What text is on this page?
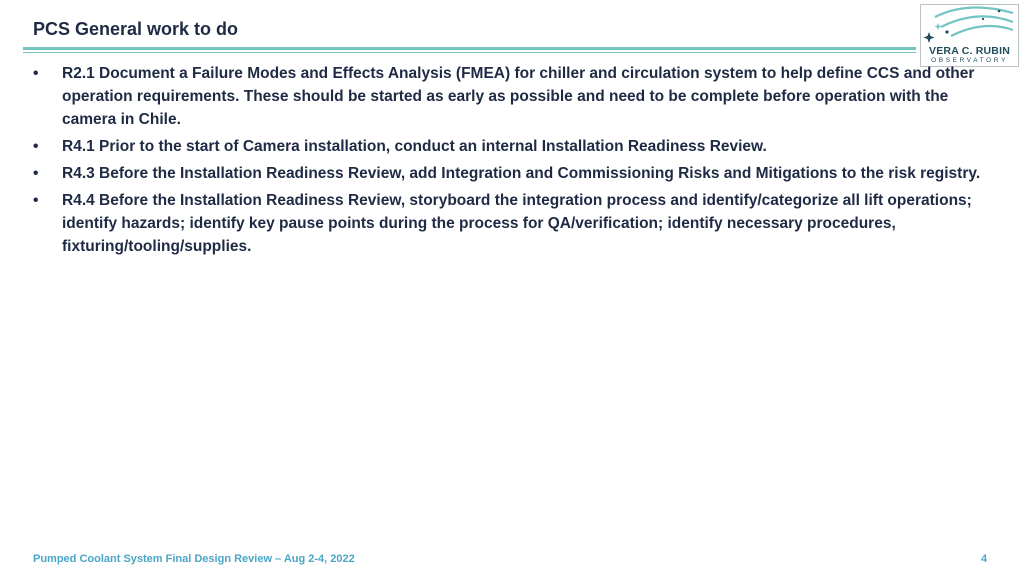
PCS General work to do
VERA C. RUBIN
OBSERVATORY
• R2.1 Document a Failure Modes and Effects Analysis (FMEA) for chiller and circulation system to help define CCS and other operation requirements. These should be started as early as possible and need to be complete before operation with the camera in Chile.
• R4.1 Prior to the start of Camera installation, conduct an internal Installation Readiness Review.
• R4.3 Before the Installation Readiness Review, add Integration and Commissioning Risks and Mitigations to the risk registry.
• R4.4 Before the Installation Readiness Review, storyboard the integration process and identify/categorize all lift operations; identify hazards; identify key pause points during the process for QA/verification; identify necessary procedures, fixturing/tooling/supplies.
Pumped Coolant System Final Design Review – Aug 2-4, 2022	4
